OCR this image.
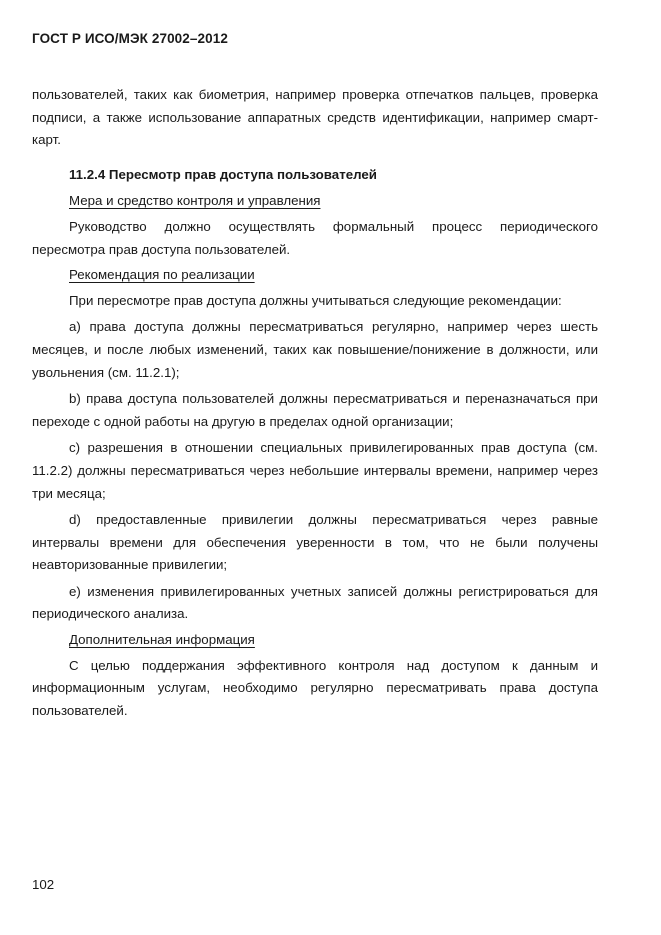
ГОСТ Р ИСО/МЭК 27002–2012

пользователей, таких как биометрия, например проверка отпечатков пальцев, проверка подписи, а также использование аппаратных средств идентификации, например смарт-карт.

11.2.4 Пересмотр прав доступа пользователей

Мера и средство контроля и управления

Руководство должно осуществлять формальный процесс периодического пересмотра прав доступа пользователей.

Рекомендация по реализации

При пересмотре прав доступа должны учитываться следующие рекомендации:

a) права доступа должны пересматриваться регулярно, например через шесть месяцев, и после любых изменений, таких как повышение/понижение в должности, или увольнения (см. 11.2.1);

b) права доступа пользователей должны пересматриваться и переназначаться при переходе с одной работы на другую в пределах одной организации;

c) разрешения в отношении специальных привилегированных прав доступа (см. 11.2.2) должны пересматриваться через небольшие интервалы времени, например через три месяца;

d) предоставленные привилегии должны пересматриваться через равные интервалы времени для обеспечения уверенности в том, что не были получены неавторизованные привилегии;

e) изменения привилегированных учетных записей должны регистрироваться для периодического анализа.

Дополнительная информация

С целью поддержания эффективного контроля над доступом к данным и информационным услугам, необходимо регулярно пересматривать права доступа пользователей.

102
